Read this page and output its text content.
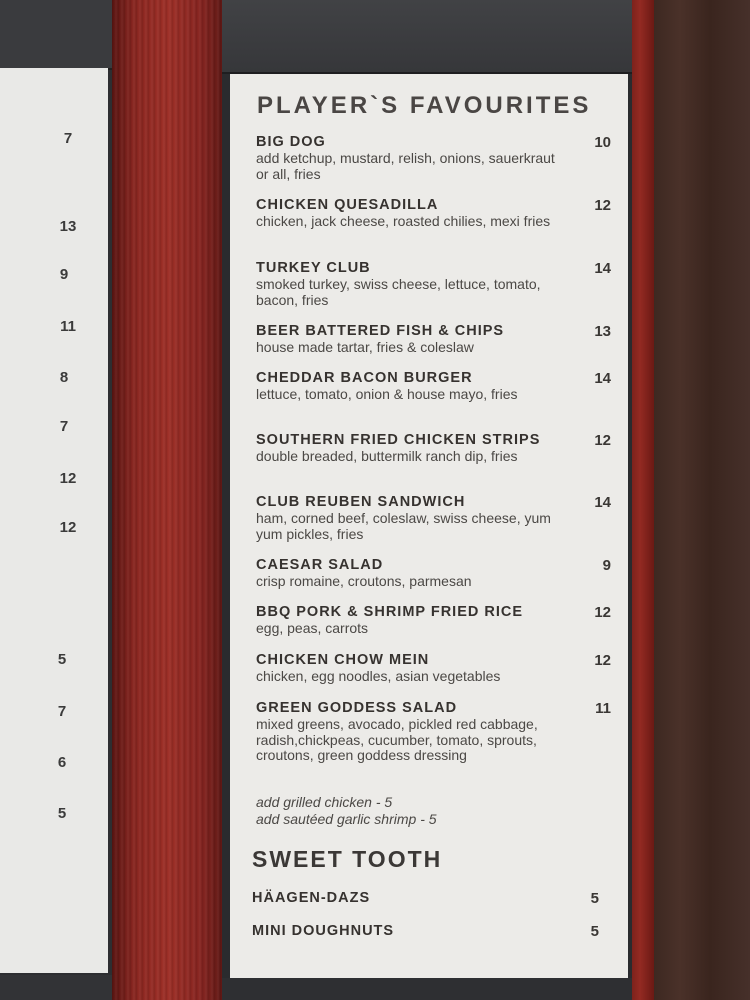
7
13
9
11
8
7
12
12
5
7
6
5
PLAYER`S FAVOURITES
BIG DOG
add ketchup, mustard, relish, onions, sauerkraut or all, fries
10
CHICKEN QUESADILLA
chicken, jack cheese, roasted chilies, mexi fries
12
TURKEY CLUB
smoked turkey, swiss cheese, lettuce, tomato, bacon, fries
14
BEER BATTERED FISH & CHIPS
house made tartar, fries & coleslaw
13
CHEDDAR BACON BURGER
lettuce, tomato, onion & house mayo, fries
14
SOUTHERN FRIED CHICKEN STRIPS
double breaded, buttermilk ranch dip, fries
12
CLUB REUBEN SANDWICH
ham, corned beef, coleslaw, swiss cheese, yum yum pickles, fries
14
CAESAR SALAD
crisp romaine, croutons, parmesan
9
BBQ PORK & SHRIMP FRIED RICE
egg, peas, carrots
12
CHICKEN CHOW MEIN
chicken, egg noodles, asian vegetables
12
GREEN GODDESS SALAD
mixed greens, avocado, pickled red cabbage, radish,chickpeas, cucumber, tomato, sprouts, croutons, green goddess dressing
11
add grilled chicken - 5
add sautéed garlic shrimp - 5
SWEET TOOTH
HÄAGEN-DAZS	5
MINI DOUGHNUTS	5
